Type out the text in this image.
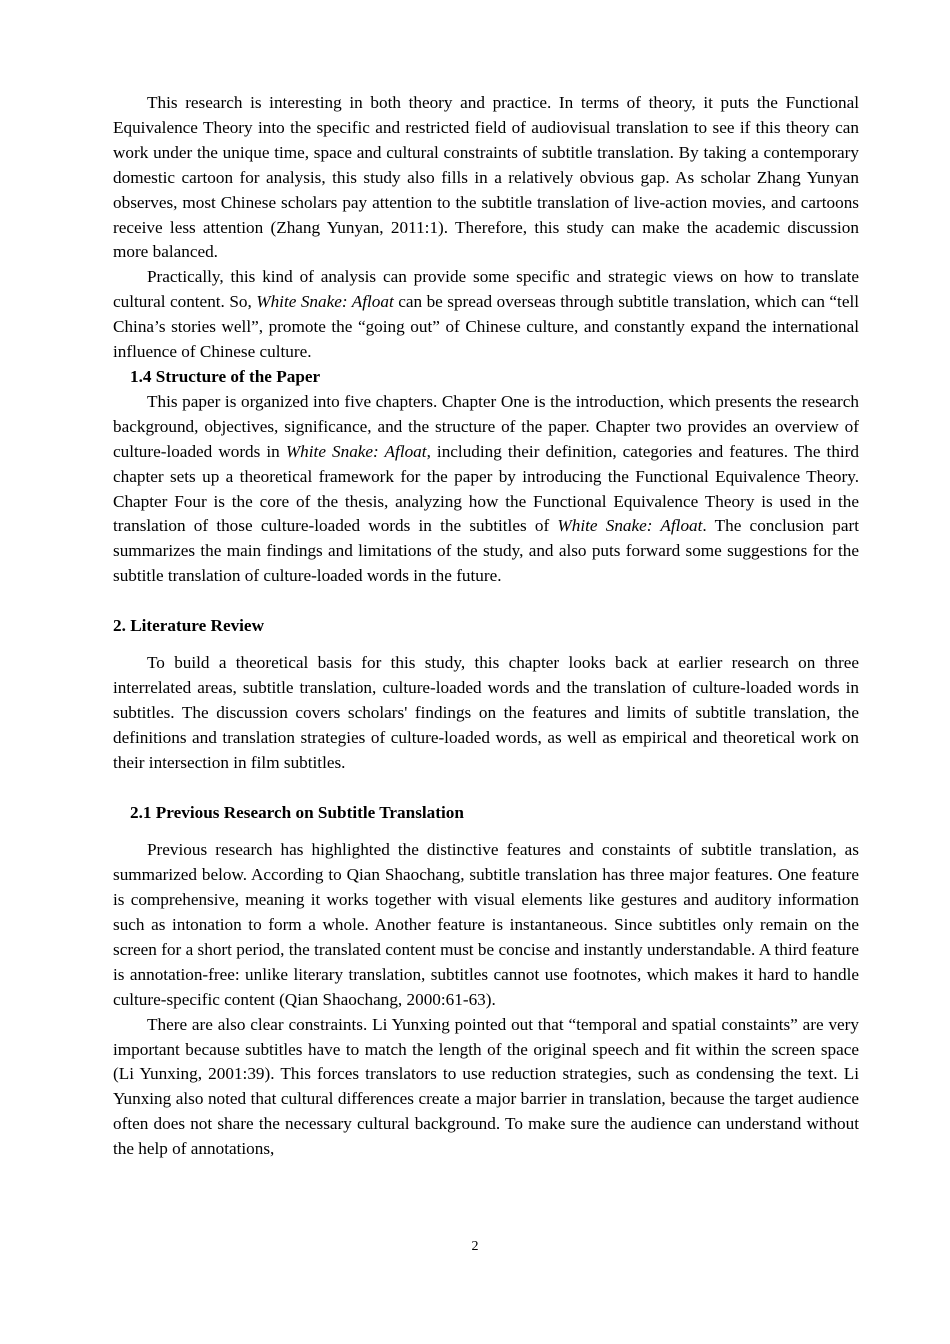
This research is interesting in both theory and practice. In terms of theory, it puts the Functional Equivalence Theory into the specific and restricted field of audiovisual translation to see if this theory can work under the unique time, space and cultural constraints of subtitle translation. By taking a contemporary domestic cartoon for analysis, this study also fills in a relatively obvious gap. As scholar Zhang Yunyan observes, most Chinese scholars pay attention to the subtitle translation of live-action movies, and cartoons receive less attention (Zhang Yunyan, 2011:1). Therefore, this study can make the academic discussion more balanced.

Practically, this kind of analysis can provide some specific and strategic views on how to translate cultural content. So, White Snake: Afloat can be spread overseas through subtitle translation, which can “tell China’s stories well”, promote the “going out” of Chinese culture, and constantly expand the international influence of Chinese culture.

1.4 Structure of the Paper

This paper is organized into five chapters. Chapter One is the introduction, which presents the research background, objectives, significance, and the structure of the paper. Chapter two provides an overview of culture-loaded words in White Snake: Afloat, including their definition, categories and features. The third chapter sets up a theoretical framework for the paper by introducing the Functional Equivalence Theory. Chapter Four is the core of the thesis, analyzing how the Functional Equivalence Theory is used in the translation of those culture-loaded words in the subtitles of White Snake: Afloat. The conclusion part summarizes the main findings and limitations of the study, and also puts forward some suggestions for the subtitle translation of culture-loaded words in the future.

2. Literature Review

To build a theoretical basis for this study, this chapter looks back at earlier research on three interrelated areas, subtitle translation, culture-loaded words and the translation of culture-loaded words in subtitles. The discussion covers scholars' findings on the features and limits of subtitle translation, the definitions and translation strategies of culture-loaded words, as well as empirical and theoretical work on their intersection in film subtitles.

2.1 Previous Research on Subtitle Translation

Previous research has highlighted the distinctive features and constaints of subtitle translation, as summarized below. According to Qian Shaochang, subtitle translation has three major features. One feature is comprehensive, meaning it works together with visual elements like gestures and auditory information such as intonation to form a whole. Another feature is instantaneous. Since subtitles only remain on the screen for a short period, the translated content must be concise and instantly understandable. A third feature is annotation-free: unlike literary translation, subtitles cannot use footnotes, which makes it hard to handle culture-specific content (Qian Shaochang, 2000:61-63).

There are also clear constraints. Li Yunxing pointed out that “temporal and spatial constaints” are very important because subtitles have to match the length of the original speech and fit within the screen space (Li Yunxing, 2001:39). This forces translators to use reduction strategies, such as condensing the text. Li Yunxing also noted that cultural differences create a major barrier in translation, because the target audience often does not share the necessary cultural background. To make sure the audience can understand without the help of annotations,

2
